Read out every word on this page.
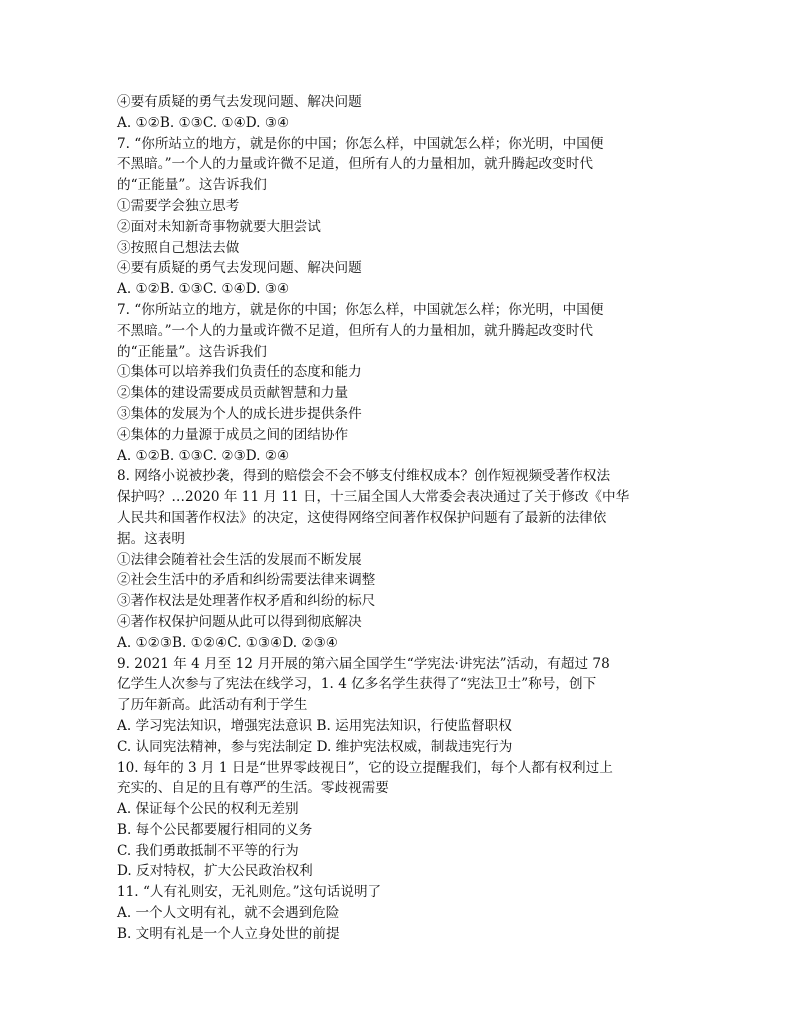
④要有质疑的勇气去发现问题、解决问题
A. ①②B. ①③C. ①④D. ③④
7. “你所站立的地方，就是你的中国；你怎么样，中国就怎么样；你光明，中国便
不黑暗。”一个人的力量或许微不足道，但所有人的力量相加，就升腾起改变时代
的“正能量”。这告诉我们
①需要学会独立思考
②面对未知新奇事物就要大胆尝试
③按照自己想法去做
④要有质疑的勇气去发现问题、解决问题
A. ①②B. ①③C. ①④D. ③④
7. “你所站立的地方，就是你的中国；你怎么样，中国就怎么样；你光明，中国便
不黑暗。”一个人的力量或许微不足道，但所有人的力量相加，就升腾起改变时代
的“正能量”。这告诉我们
①集体可以培养我们负责任的态度和能力
②集体的建设需要成员贡献智慧和力量
③集体的发展为个人的成长进步提供条件
④集体的力量源于成员之间的团结协作
A. ①②B. ①③C. ②③D. ②④
8. 网络小说被抄袭，得到的赔偿会不会不够支付维权成本？创作短视频受著作权法
保护吗？…2020 年 11 月 11 日，十三届全国人大常委会表决通过了关于修改《中华
人民共和国著作权法》的决定，这使得网络空间著作权保护问题有了最新的法律依
据。这表明
①法律会随着社会生活的发展而不断发展
②社会生活中的矛盾和纠纷需要法律来调整
③著作权法是处理著作权矛盾和纠纷的标尺
④著作权保护问题从此可以得到彻底解决
A. ①②③B. ①②④C. ①③④D. ②③④
9. 2021 年 4 月至 12 月开展的第六届全国学生“学宪法·讲宪法”活动，有超过 78
亿学生人次参与了宪法在线学习，1. 4 亿多名学生获得了“宪法卫士”称号，创下
了历年新高。此活动有利于学生
A. 学习宪法知识，增强宪法意识 B. 运用宪法知识，行使监督职权
C. 认同宪法精神，参与宪法制定 D. 维护宪法权威，制裁违宪行为
10. 每年的 3 月 1 日是“世界零歧视日”，它的设立提醒我们，每个人都有权利过上
充实的、自足的且有尊严的生活。零歧视需要
A. 保证每个公民的权利无差别
B. 每个公民都要履行相同的义务
C. 我们勇敢抵制不平等的行为
D. 反对特权，扩大公民政治权利
11. “人有礼则安，无礼则危。”这句话说明了
A. 一个人文明有礼，就不会遇到危险
B. 文明有礼是一个人立身处世的前提
